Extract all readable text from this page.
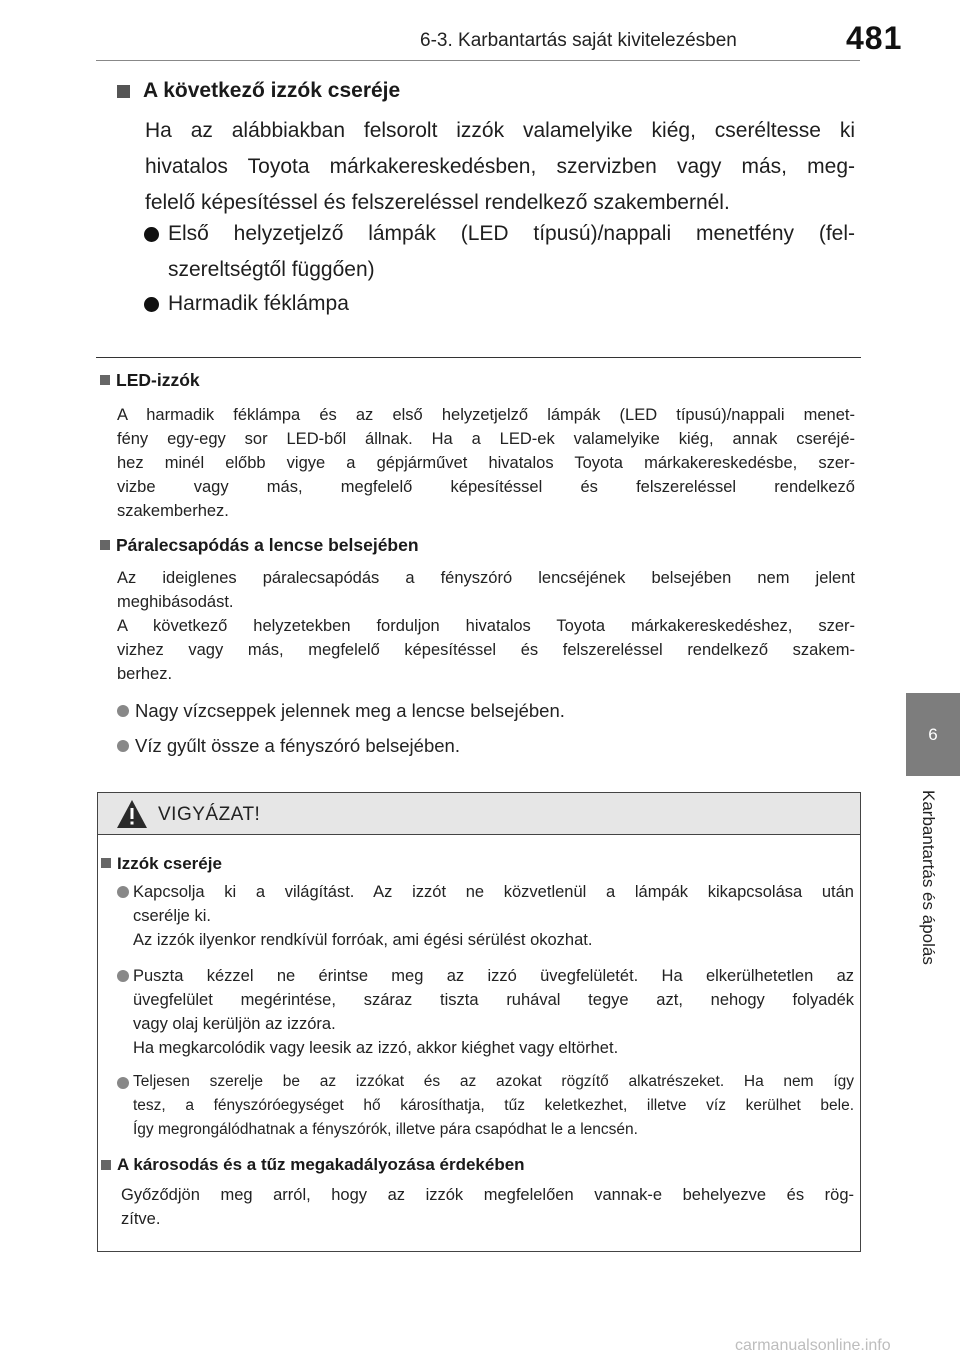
6-3. Karbantartás saját kivitelezésben	481
6
Karbantartás és ápolás
A következő izzók cseréje
Ha az alábbiakban felsorolt izzók valamelyike kiég, cseréltesse ki
hivatalos Toyota márkakereskedésben, szervizben vagy más, meg-
felelő képesítéssel és felszereléssel rendelkező szakembernél.
Első helyzetjelző lámpák (LED típusú)/nappali menetfény (fel-
szereltségtől függően)
Harmadik féklámpa
LED-izzók
A harmadik féklámpa és az első helyzetjelző lámpák (LED típusú)/nappali menet-
fény egy-egy sor LED-ből állnak. Ha a LED-ek valamelyike kiég, annak cseréjé-
hez minél előbb vigye a gépjárművet hivatalos Toyota márkakereskedésbe, szer-
vizbe vagy más, megfelelő képesítéssel és felszereléssel rendelkező
szakemberhez.
Páralecsapódás a lencse belsejében
Az ideiglenes páralecsapódás a fényszóró lencséjének belsejében nem jelent
meghibásodást.
A következő helyzetekben forduljon hivatalos Toyota márkakereskedéshez, szer-
vizhez vagy más, megfelelő képesítéssel és felszereléssel rendelkező szakem-
berhez.
Nagy vízcseppek jelennek meg a lencse belsejében.
Víz gyűlt össze a fényszóró belsejében.
VIGYÁZAT!
Izzók cseréje
Kapcsolja ki a világítást. Az izzót ne közvetlenül a lámpák kikapcsolása után
cserélje ki.
Az izzók ilyenkor rendkívül forróak, ami égési sérülést okozhat.
Puszta kézzel ne érintse meg az izzó üvegfelületét. Ha elkerülhetetlen az
üvegfelület megérintése, száraz tiszta ruhával tegye azt, nehogy folyadék
vagy olaj kerüljön az izzóra.
Ha megkarcolódik vagy leesik az izzó, akkor kiéghet vagy eltörhet.
Teljesen szerelje be az izzókat és az azokat rögzítő alkatrészeket. Ha nem így
tesz, a fényszóróegységet hő károsíthatja, tűz keletkezhet, illetve víz kerülhet bele.
Így megrongálódhatnak a fényszórók, illetve pára csapódhat le a lencsén.
A károsodás és a tűz megakadályozása érdekében
Győződjön meg arról, hogy az izzók megfelelően vannak-e behelyezve és rög-
zítve.
carmanualsonline.info
